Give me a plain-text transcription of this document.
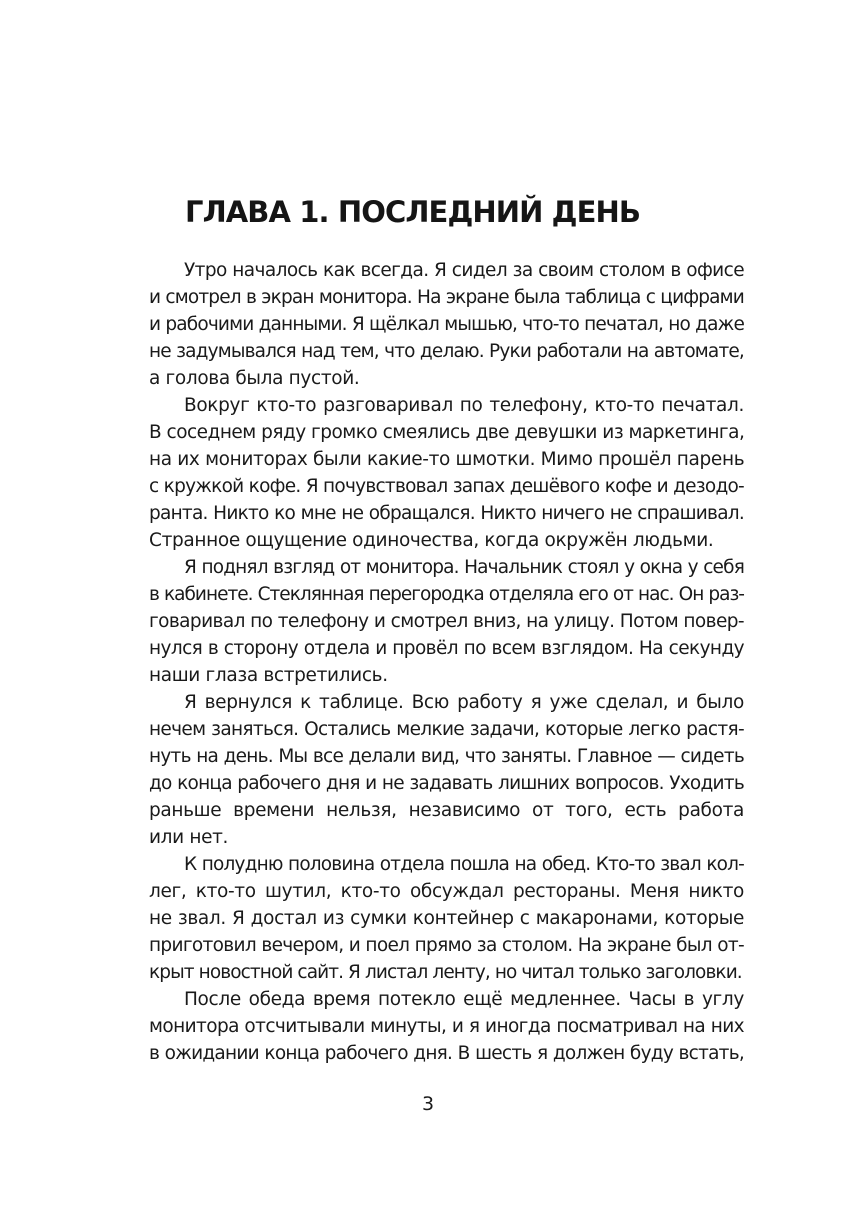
ГЛАВА 1. ПОСЛЕДНИЙ ДЕНЬ
Утро началось как всегда. Я сидел за своим столом в офисе
и смотрел в экран монитора. На экране была таблица с цифрами
и рабочими данными. Я щёлкал мышью, что-то печатал, но даже
не задумывался над тем, что делаю. Руки работали на автомате,
а голова была пустой.
Вокруг кто-то разговаривал по телефону, кто-то печатал.
В соседнем ряду громко смеялись две девушки из маркетинга,
на их мониторах были какие-то шмотки. Мимо прошёл парень
с кружкой кофе. Я почувствовал запах дешёвого кофе и дезодо-
ранта. Никто ко мне не обращался. Никто ничего не спрашивал.
Странное ощущение одиночества, когда окружён людьми.
Я поднял взгляд от монитора. Начальник стоял у окна у себя
в кабинете. Стеклянная перегородка отделяла его от нас. Он раз-
говаривал по телефону и смотрел вниз, на улицу. Потом повер-
нулся в сторону отдела и провёл по всем взглядом. На секунду
наши глаза встретились.
Я вернулся к таблице. Всю работу я уже сделал, и было
нечем заняться. Остались мелкие задачи, которые легко растя-
нуть на день. Мы все делали вид, что заняты. Главное — сидеть
до конца рабочего дня и не задавать лишних вопросов. Уходить
раньше времени нельзя, независимо от того, есть работа
или нет.
К полудню половина отдела пошла на обед. Кто-то звал кол-
лег, кто-то шутил, кто-то обсуждал рестораны. Меня никто
не звал. Я достал из сумки контейнер с макаронами, которые
приготовил вечером, и поел прямо за столом. На экране был от-
крыт новостной сайт. Я листал ленту, но читал только заголовки.
После обеда время потекло ещё медленнее. Часы в углу
монитора отсчитывали минуты, и я иногда посматривал на них
в ожидании конца рабочего дня. В шесть я должен буду встать,
3
